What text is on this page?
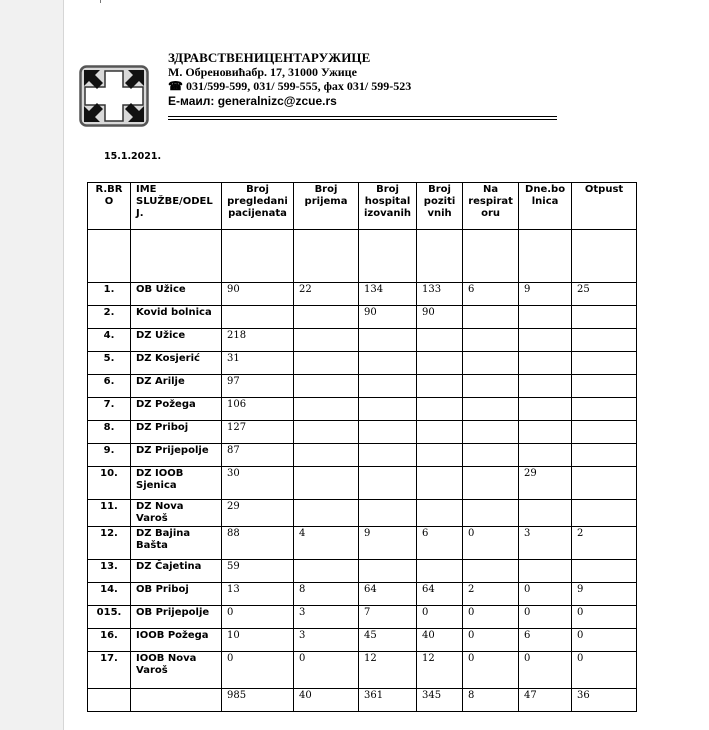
ЗДРАВСТВЕНИЦЕНТАРУЖИЦЕ
М. Обреновићабр. 17, 31000 Ужице
☎ 031/599-599, 031/ 599-555, фах 031/ 599-523
Е-маил: generalnizc@zcue.rs
15.1.2021.
R.BR O	IME SLUŽBE/ODEL J.	Broj pregledani pacijenata	Broj prijema	Broj hospital izovanih	Broj poziti vnih	Na respirat oru	Dne.bo lnica	Otpust

1.	OB Užice	90	22	134	133	6	9	25
2.	Kovid bolnica			90	90			
4.	DZ Užice	218						
5.	DZ Kosjerić	31						
6.	DZ Arilje	97						
7.	DZ Požega	106						
8.	DZ Priboj	127						
9.	DZ Prijepolje	87						
10.	DZ IOOB Sjenica	30					29	
11.	DZ Nova Varoš	29						
12.	DZ Bajina Bašta	88	4	9	6	0	3	2
13.	DZ Čajetina	59						
14.	OB Priboj	13	8	64	64	2	0	9
015.	OB Prijepolje	0	3	7	0	0	0	0
16.	IOOB Požega	10	3	45	40	0	6	0
17.	IOOB Nova Varoš	0	0	12	12	0	0	0
		985	40	361	345	8	47	36
